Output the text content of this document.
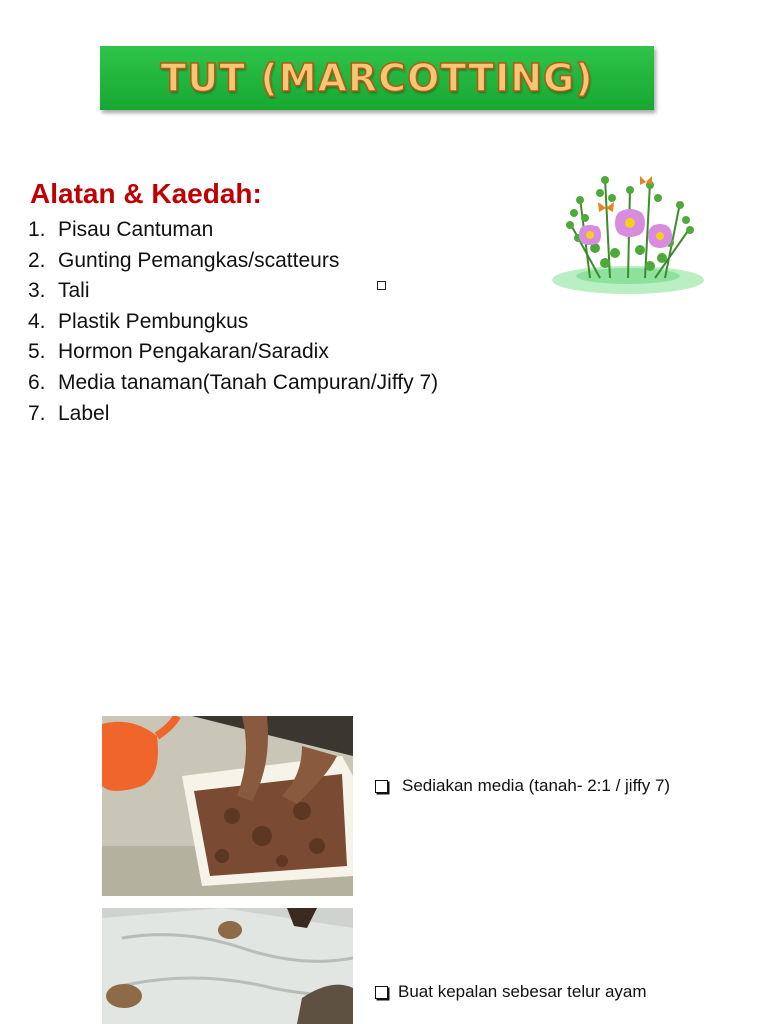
TUT (MARCOTTING)
Alatan & Kaedah:
1. Pisau Cantuman
2. Gunting Pemangkas/scatteurs
3. Tali
4. Plastik Pembungkus
5. Hormon Pengakaran/Saradix
6. Media tanaman(Tanah Campuran/Jiffy 7)
7. Label
Sediakan media (tanah- 2:1 / jiffy 7)
Buat kepalan sebesar telur ayam
